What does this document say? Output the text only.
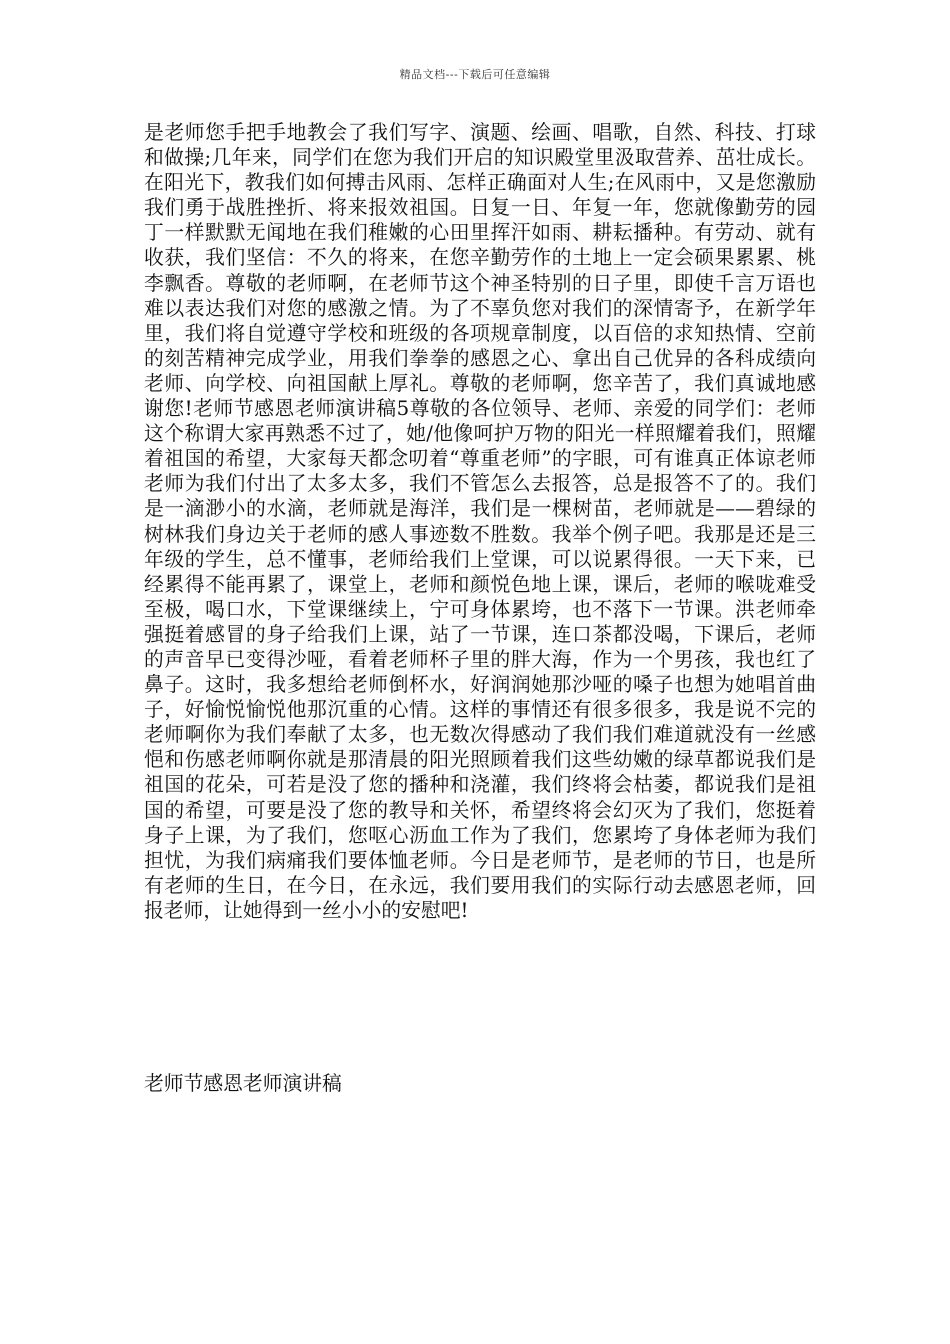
精品文档---下载后可任意编辑

是老师您手把手地教会了我们写字、演题、绘画、唱歌，自然、科技、打球和做操;几年来，同学们在您为我们开启的知识殿堂里汲取营养、茁壮成长。在阳光下，教我们如何搏击风雨、怎样正确面对人生;在风雨中，又是您激励我们勇于战胜挫折、将来报效祖国。日复一日、年复一年，您就像勤劳的园丁一样默默无闻地在我们稚嫩的心田里挥汗如雨、耕耘播种。有劳动、就有收获，我们坚信：不久的将来，在您辛勤劳作的土地上一定会硕果累累、桃李飘香。尊敬的老师啊，在老师节这个神圣特别的日子里，即使千言万语也难以表达我们对您的感激之情。为了不辜负您对我们的深情寄予，在新学年里，我们将自觉遵守学校和班级的各项规章制度，以百倍的求知热情、空前的刻苦精神完成学业，用我们拳拳的感恩之心、拿出自己优异的各科成绩向老师、向学校、向祖国献上厚礼。尊敬的老师啊，您辛苦了，我们真诚地感谢您!老师节感恩老师演讲稿5尊敬的各位领导、老师、亲爱的同学们：老师这个称谓大家再熟悉不过了，她/他像呵护万物的阳光一样照耀着我们，照耀着祖国的希望，大家每天都念叨着“尊重老师”的字眼，可有谁真正体谅老师老师为我们付出了太多太多，我们不管怎么去报答，总是报答不了的。我们是一滴渺小的水滴，老师就是海洋，我们是一棵树苗，老师就是——碧绿的树林我们身边关于老师的感人事迹数不胜数。我举个例子吧。我那是还是三年级的学生，总不懂事，老师给我们上堂课，可以说累得很。一天下来，已经累得不能再累了，课堂上，老师和颜悦色地上课，课后，老师的喉咙难受至极，喝口水，下堂课继续上，宁可身体累垮，也不落下一节课。洪老师牵强挺着感冒的身子给我们上课，站了一节课，连口茶都没喝，下课后，老师的声音早已变得沙哑，看着老师杯子里的胖大海，作为一个男孩，我也红了鼻子。这时，我多想给老师倒杯水，好润润她那沙哑的嗓子也想为她唱首曲子，好愉悦愉悦他那沉重的心情。这样的事情还有很多很多，我是说不完的老师啊你为我们奉献了太多，也无数次得感动了我们我们难道就没有一丝感悒和伤感老师啊你就是那清晨的阳光照顾着我们这些幼嫩的绿草都说我们是祖国的花朵，可若是没了您的播种和浇灌，我们终将会枯萎，都说我们是祖国的希望，可要是没了您的教导和关怀，希望终将会幻灭为了我们，您挺着身子上课，为了我们，您呕心沥血工作为了我们，您累垮了身体老师为我们担忧，为我们病痛我们要体恤老师。今日是老师节，是老师的节日，也是所有老师的生日，在今日，在永远，我们要用我们的实际行动去感恩老师，回报老师，让她得到一丝小小的安慰吧!

老师节感恩老师演讲稿
